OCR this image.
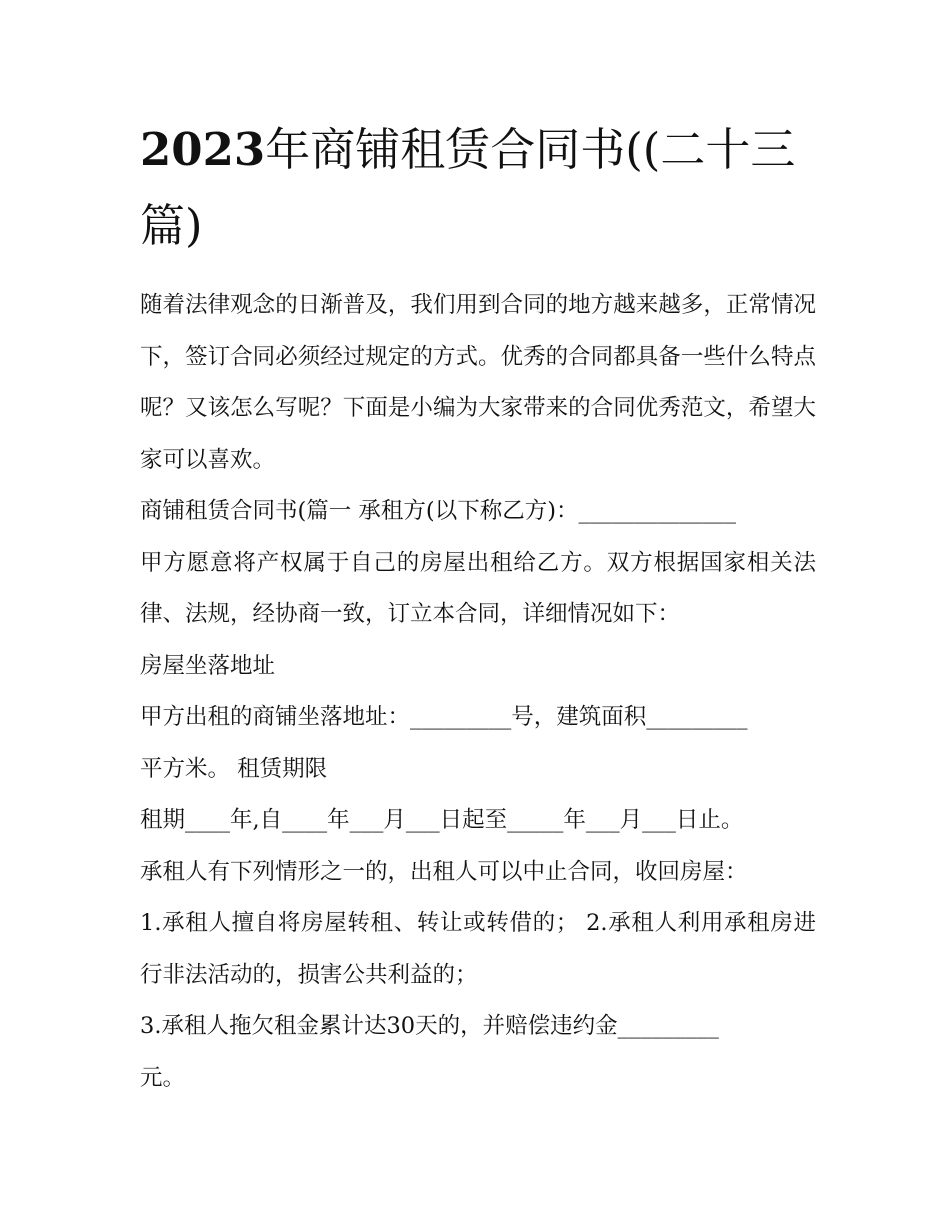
2023年商铺租赁合同书((二十三篇)

随着法律观念的日渐普及，我们用到合同的地方越来越多，正常情况下，签订合同必须经过规定的方式。优秀的合同都具备一些什么特点呢？又该怎么写呢？下面是小编为大家带来的合同优秀范文，希望大家可以喜欢。

商铺租赁合同书(篇一 承租方(以下称乙方)：______________

甲方愿意将产权属于自己的房屋出租给乙方。双方根据国家相关法律、法规，经协商一致，订立本合同，详细情况如下：

房屋坐落地址

甲方出租的商铺坐落地址：_________号，建筑面积_________

平方米。 租赁期限

租期____年,自____年___月___日起至_____年___月___日止。

承租人有下列情形之一的，出租人可以中止合同，收回房屋：

1.承租人擅自将房屋转租、转让或转借的； 2.承租人利用承租房进行非法活动的，损害公共利益的；

3.承租人拖欠租金累计达30天的，并赔偿违约金_________

元。
